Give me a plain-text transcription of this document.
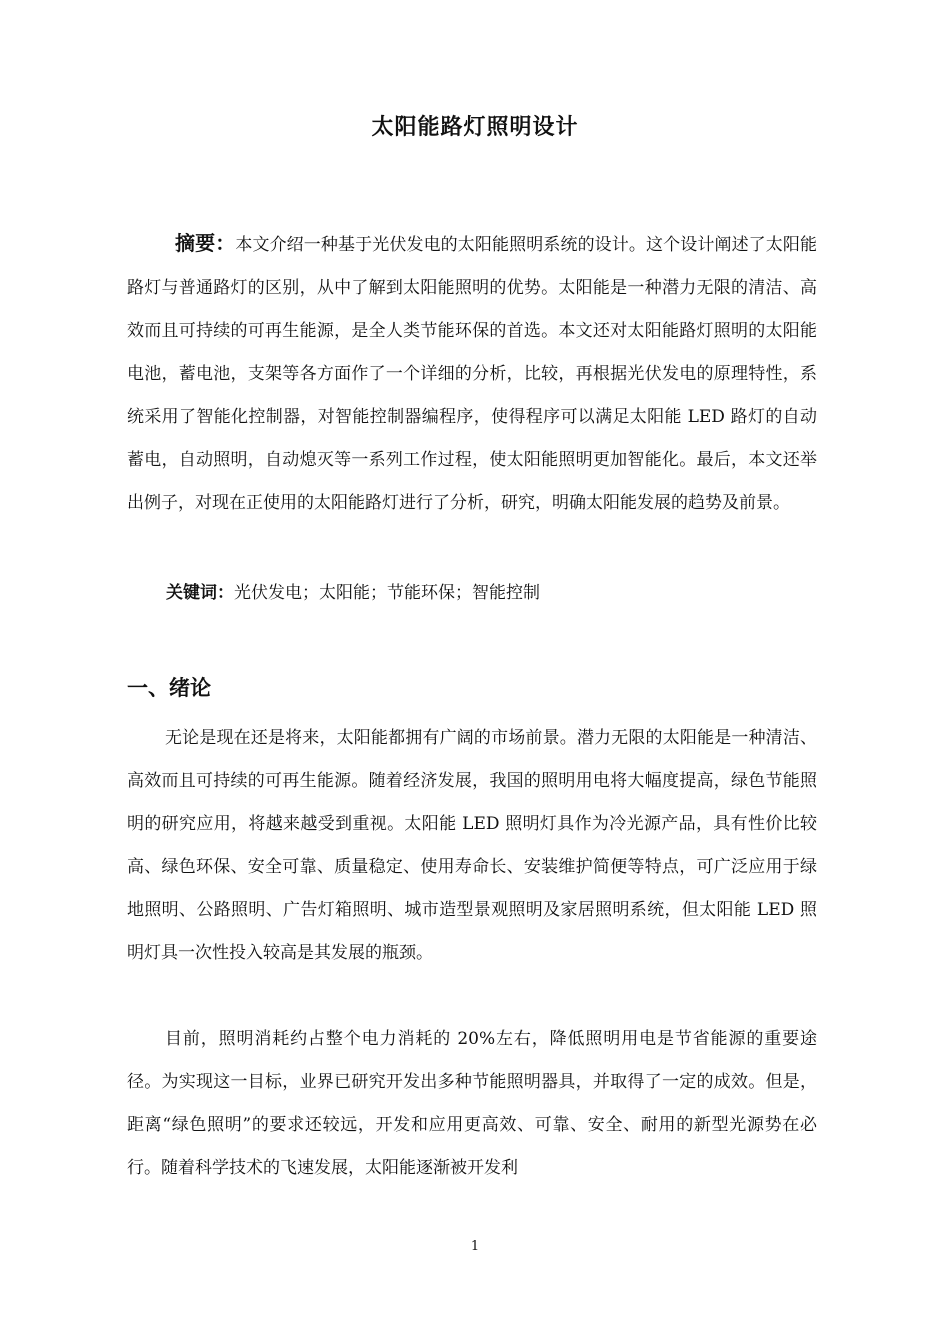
太阳能路灯照明设计
摘要：本文介绍一种基于光伏发电的太阳能照明系统的设计。这个设计阐述了太阳能路灯与普通路灯的区别，从中了解到太阳能照明的优势。太阳能是一种潜力无限的清洁、高效而且可持续的可再生能源，是全人类节能环保的首选。本文还对太阳能路灯照明的太阳能电池，蓄电池，支架等各方面作了一个详细的分析，比较，再根据光伏发电的原理特性，系统采用了智能化控制器，对智能控制器编程序，使得程序可以满足太阳能 LED 路灯的自动蓄电，自动照明，自动熄灭等一系列工作过程，使太阳能照明更加智能化。最后，本文还举出例子，对现在正使用的太阳能路灯进行了分析，研究，明确太阳能发展的趋势及前景。
关键词：光伏发电；太阳能；节能环保；智能控制
一、绪论
无论是现在还是将来，太阳能都拥有广阔的市场前景。潜力无限的太阳能是一种清洁、高效而且可持续的可再生能源。随着经济发展，我国的照明用电将大幅度提高，绿色节能照明的研究应用，将越来越受到重视。太阳能 LED 照明灯具作为冷光源产品，具有性价比较高、绿色环保、安全可靠、质量稳定、使用寿命长、安装维护简便等特点，可广泛应用于绿地照明、公路照明、广告灯箱照明、城市造型景观照明及家居照明系统，但太阳能 LED 照明灯具一次性投入较高是其发展的瓶颈。
目前，照明消耗约占整个电力消耗的 20%左右，降低照明用电是节省能源的重要途径。为实现这一目标，业界已研究开发出多种节能照明器具，并取得了一定的成效。但是，距离“绿色照明”的要求还较远，开发和应用更高效、可靠、安全、耐用的新型光源势在必行。随着科学技术的飞速发展，太阳能逐渐被开发利
1
